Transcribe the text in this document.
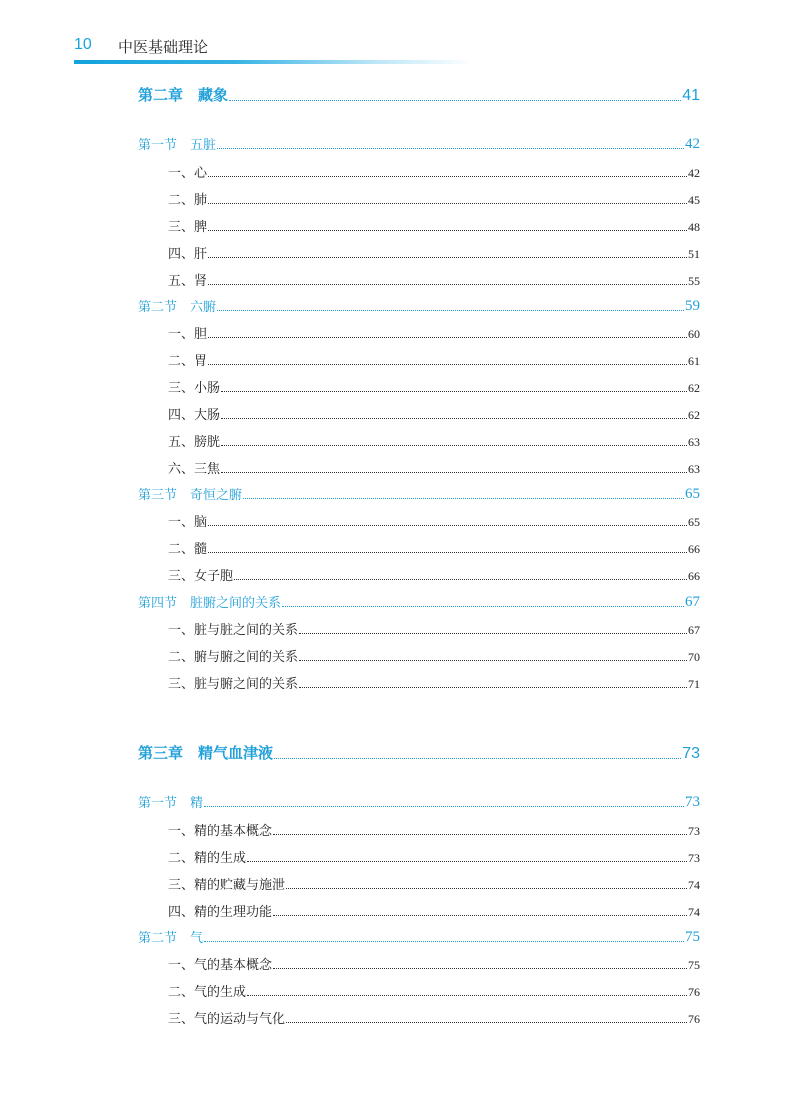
10 中医基础理论
第二章　藏象	41
第一节　五脏	42
一、心	42
二、肺	45
三、脾	48
四、肝	51
五、肾	55
第二节　六腑	59
一、胆	60
二、胃	61
三、小肠	62
四、大肠	62
五、膀胱	63
六、三焦	63
第三节　奇恒之腑	65
一、脑	65
二、髓	66
三、女子胞	66
第四节　脏腑之间的关系	67
一、脏与脏之间的关系	67
二、腑与腑之间的关系	70
三、脏与腑之间的关系	71
第三章　精气血津液	73
第一节　精	73
一、精的基本概念	73
二、精的生成	73
三、精的贮藏与施泄	74
四、精的生理功能	74
第二节　气	75
一、气的基本概念	75
二、气的生成	76
三、气的运动与气化	76
